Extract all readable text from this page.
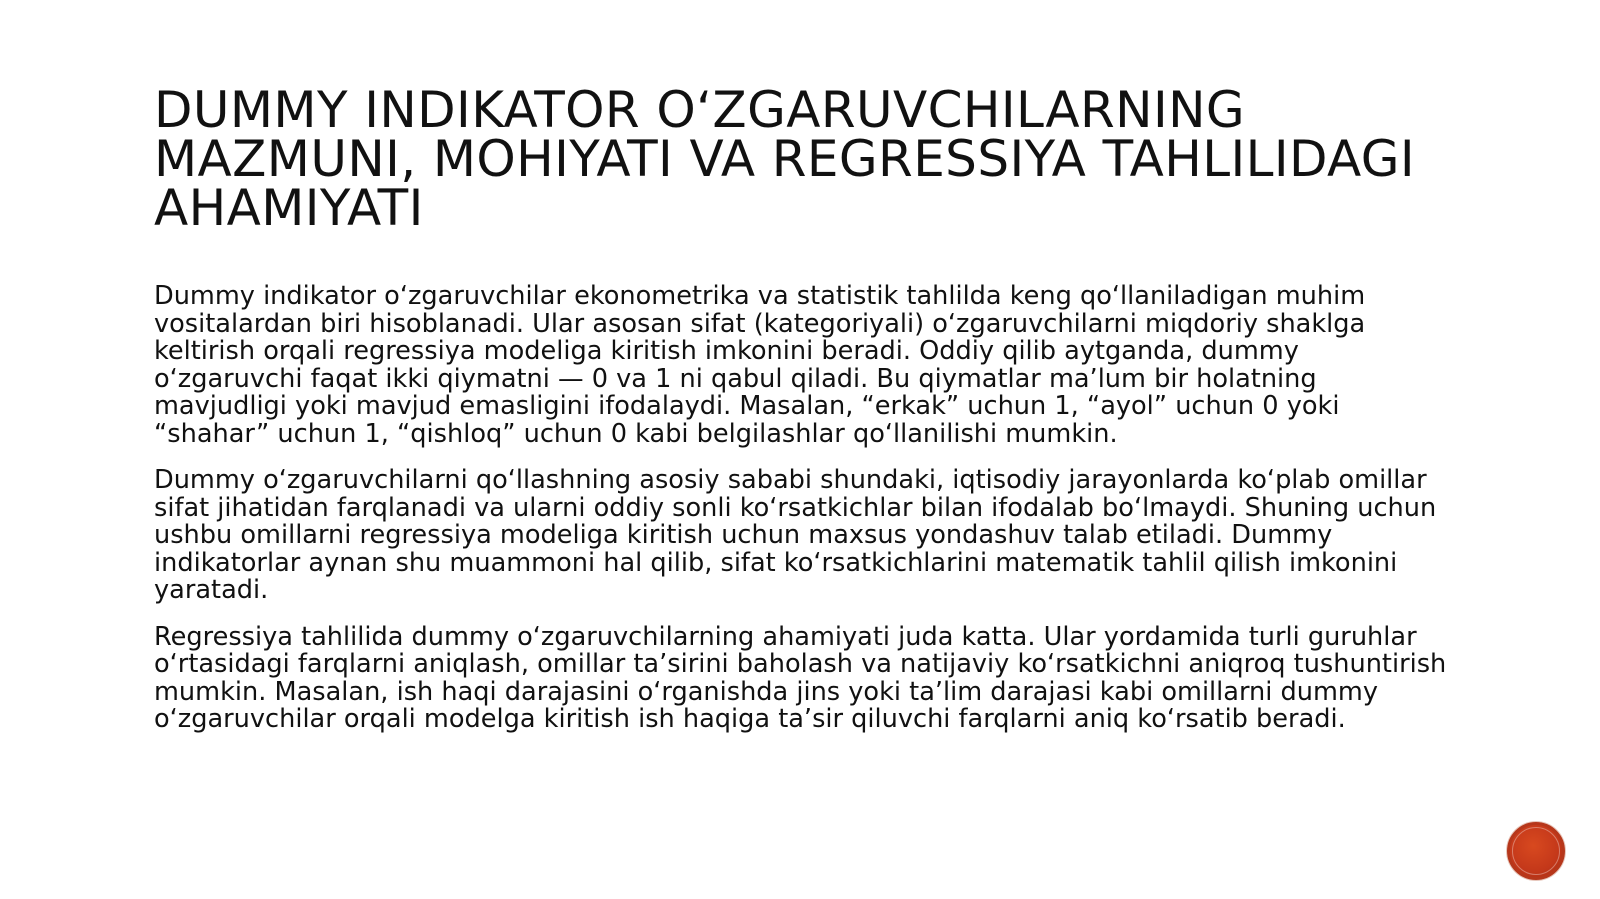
DUMMY INDIKATOR O‘ZGARUVCHILARNING MAZMUNI, MOHIYATI VA REGRESSIYA TAHLILIDAGI AHAMIYATI

Dummy indikator o‘zgaruvchilar ekonometrika va statistik tahlilda keng qo‘llaniladigan muhim vositalardan biri hisoblanadi. Ular asosan sifat (kategoriyali) o‘zgaruvchilarni miqdoriy shaklga keltirish orqali regressiya modeliga kiritish imkonini beradi. Oddiy qilib aytganda, dummy o‘zgaruvchi faqat ikki qiymatni — 0 va 1 ni qabul qiladi. Bu qiymatlar ma’lum bir holatning mavjudligi yoki mavjud emasligini ifodalaydi. Masalan, “erkak” uchun 1, “ayol” uchun 0 yoki “shahar” uchun 1, “qishloq” uchun 0 kabi belgilashlar qo‘llanilishi mumkin.

Dummy o‘zgaruvchilarni qo‘llashning asosiy sababi shundaki, iqtisodiy jarayonlarda ko‘plab omillar sifat jihatidan farqlanadi va ularni oddiy sonli ko‘rsatkichlar bilan ifodalab bo‘lmaydi. Shuning uchun ushbu omillarni regressiya modeliga kiritish uchun maxsus yondashuv talab etiladi. Dummy indikatorlar aynan shu muammoni hal qilib, sifat ko‘rsatkichlarini matematik tahlil qilish imkonini yaratadi.

Regressiya tahlilida dummy o‘zgaruvchilarning ahamiyati juda katta. Ular yordamida turli guruhlar o‘rtasidagi farqlarni aniqlash, omillar ta’sirini baholash va natijaviy ko‘rsatkichni aniqroq tushuntirish mumkin. Masalan, ish haqi darajasini o‘rganishda jins yoki ta’lim darajasi kabi omillarni dummy o‘zgaruvchilar orqali modelga kiritish ish haqiga ta’sir qiluvchi farqlarni aniq ko‘rsatib beradi.
